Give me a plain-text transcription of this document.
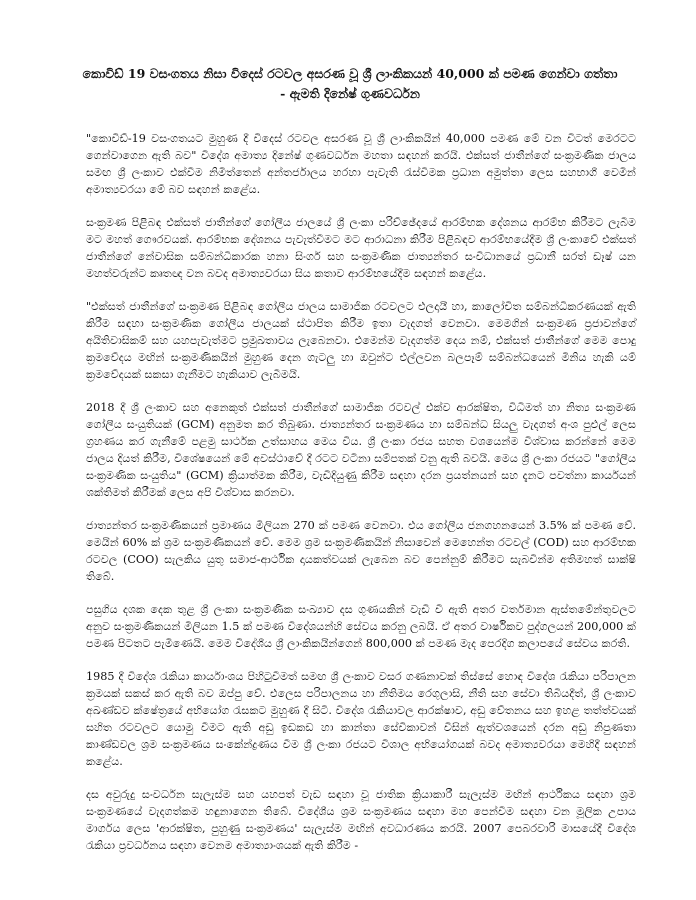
කොවිඩ් 19 වසංගතය නිසා විදෙස් රටවල අසරණ වූ ශ්‍රී ලාංකිකයන් 40,000 ක් පමණ ගෙන්වා ගත්තා
- ඇමති දිනේෂ් ගුණවර්ධන

"කොවිඩ්-19 වසංගතයට මුහුණ දී විදෙස් රටවල අසරණ වූ ශ්‍රී ලාංකිකයින් 40,000 පමණ මේ වන විටත් මෙරටට ගෙන්වාගෙන ඇති බව" විදේශ අමාත්‍ය දිනේෂ් ගුණවර්ධන මහතා සඳහන් කරයි. එක්සත් ජාතීන්ගේ සංක්‍රමණික ජාලය සමඟ ශ්‍රී ලංකාව එක්වීම නිමිත්තෙන් අන්තර්ජාලය හරහා පැවැති රැස්වීමක ප්‍රධාන අමුත්තා ලෙස සහභාගී වෙමින් අමාත්‍යවරයා මේ බව සඳහන් කළේය.

සංක්‍රමණ පිළිබඳ එක්සත් ජාතීන්ගේ ගෝලීය ජාලයේ ශ්‍රී ලංකා පරිච්ඡේදයේ ආරම්භක දේශනය ආරම්භ කිරීමට ලැබීම මට මහත් ගෞරවයක්. ආරම්භක දේශනය පැවැත්වීමට මට ආරාධනා කිරීම පිළිබඳව ආරම්භයේදීම ශ්‍රී ලංකාවේ එක්සත් ජාතීන්ගේ නේවාසික සම්බන්ධීකාරක හනා සිංගර් සහ සංක්‍රමණික ජාත්‍යන්තර සංවිධානයේ ප්‍රධානී සරත් ඩෑෂ් යන මහත්වරුන්ට කෘතඥ වන බවද අමාත්‍යවරයා සිය කතාව ආරම්භයේදීම සඳහන් කළේය.

"එක්සත් ජාතීන්ගේ සංක්‍රමණ පිළිබඳ ගෝලීය ජාලය සාමාජික රටවලට එලදායී හා, කාලෝචිත සම්බන්ධීකරණයක් ඇති කිරීම සඳහා සංක්‍රමණික ගෝලීය ජාලයක් ස්ථාපිත කිරීම ඉතා වැදගත් වෙනවා. මෙමගින් සංක්‍රමණ ප්‍රජාවන්ගේ අයිතිවාසිකම් සහ යහපැවැත්මට ප්‍රමුඛතාවය ලැබෙනවා. එමෙන්ම වැදගත්ම දෙය නම්, එක්සත් ජාතීන්ගේ මෙම පොදු ක්‍රමවේදය මඟින් සංක්‍රමණිකයින් මුහුණ දෙන ගැටලු හා ඔවුන්ට එල්ලවන බලපෑම් සම්බන්ධයෙන් මිනිය හැකි යම් ක්‍රමවේදයක් සකසා ගැනීමට හැකියාව ලැබීමයි.

2018 දී ශ්‍රී ලංකාව සහ අනෙකුත් එක්සත් ජාතීන්ගේ සාමාජික රටවල් එක්ව ආරක්ෂිත, විධිමත් හා නිත්‍ය සංක්‍රමණ ගෝලීය සංයුතියක් (GCM) අනුමත කර තිබුණා. ජාත්‍යන්තර සංක්‍රමණය හා සම්බන්ධ සියලු වැදගත් අංශ පුළුල් ලෙස ග්‍රහණය කර ගැනීමේ පළමු සාර්ථක උත්සාහය මෙය විය. ශ්‍රී ලංකා රජය සහත වශයෙන්ම විශ්වාස කරන්නේ මෙම ජාලය දියත් කිරීම, විශේෂයෙන් මේ අවස්ථාවේ දී රටට වටිනා සම්පතක් වනු ඇති බවයි. මෙය ශ්‍රී ලංකා රජයට "ගෝලීය සංක්‍රමණික සංයුතිය" (GCM) ක්‍රියාත්මක කිරීම, වැඩිදියුණු කිරීම සඳහා දරන ප්‍රයත්නයන් සහ දැනට පවත්නා කාර්යයන් ශක්තිමත් කිරීමක් ලෙස අපි විශ්වාස කරනවා.

ජාත්‍යන්තර සංක්‍රමණිකයන් ප්‍රමාණය මිලියන 270 ක් පමණ වෙනවා. එය ගෝලීය ජනගහනයෙන් 3.5% ක් පමණ වේ. මෙයින් 60% ක් ශ්‍රම සංක්‍රමණිකයන් වේ. මෙම ශ්‍රම සංක්‍රමණිකයින් නිසාවෙන් මෙහෙන්ත රටවල් (COD) සහ ආරම්භක රටවල (COO) සැලකිය යුතු සමාජ-ආර්ථික දායකත්වයක් ලැබෙන බව පෙන්නුම් කිරීමට සැබවින්ම අතිමහත් සාක්ෂි තිබේ.

පසුගිය දශක දෙක තුළ ශ්‍රී ලංකා සංක්‍රමණික සංඛ්‍යාව දස ගුණයකින් වැඩි වී ඇති අතර වර්තමාන ඇස්තමේන්තුවලට අනුව සංක්‍රමණිකයන් මිලියන 1.5 ක් පමණ විදේශයන්හි සේවය කරනු ලබයි. ඒ අතර වාර්ෂිකව පුද්ගලයන් 200,000 ක් පමණ පිටතට පැමිණෙයි. මෙම විදේශීය ශ්‍රී ලාංකිකයින්ගෙන් 800,000 ක් පමණ මැද පෙරදිග කලාපයේ සේවය කරති.

1985 දී විදේශ රැකියා කාර්යාංශය පිහිටුවීමත් සමඟ ශ්‍රී ලංකාව වසර ගණනාවක් තිස්සේ හොඳ විදේශ රැකියා පරිපාලන ක්‍රමයක් සකස් කර ඇති බව ඔප්පු වේ. එලෙස පරිපාලනය හා නීතිමය රෙගුලාසි, නීති සහ සේවා තිබියදීත්, ශ්‍රී ලංකාව අඛණ්ඩව ක්ෂේත්‍රයේ අභියෝග රැසකට මුහුණ දී සිටී. විදේශ රැකියාවල ආරක්ෂාව, අඩු වේතනය සහ ඉහළ තත්ත්වයක් සහිත රටවලට යොමු වීමට ඇති අඩු ඉඩකඩ හා කාන්තා සේවිකාවන් විසින් ඇත්වශයෙන් දරන අඩු නිපුණතා කාණ්ඩවල ශ්‍රම සංක්‍රමණය සංකේන්ද්‍රණය වීම ශ්‍රී ලංකා රජයට විශාල අභියෝගයක් බවද අමාත්‍යවරයා මෙහිදී සඳහන් කළේය.

දස අවුරුදු සංවර්ධන සැලැස්ම සහ යහපත් වැඩ සඳහා වූ ජාතික ක්‍රියාකාරී සැලැස්ම මඟින් ආර්ථිකය සඳහා ශ්‍රම සංක්‍රමණයේ වැදගත්කම හඳුනාගෙන තිබේ. විදේශීය ශ්‍රම සංක්‍රමණය සඳහා මහ පෙන්වීම සඳහා වන මූලික උපාය මාර්ගය ලෙස 'ආරක්ෂිත, පුහුණු සංක්‍රමණය' සැලැස්ම මඟින් අවධාරණය කරයි. 2007 පෙබරවාරි මාසයේදී විදේශ රැකියා ප්‍රවර්ධනය සඳහා වෙනම අමාත්‍යාංශයක් ඇති කිරීම -
